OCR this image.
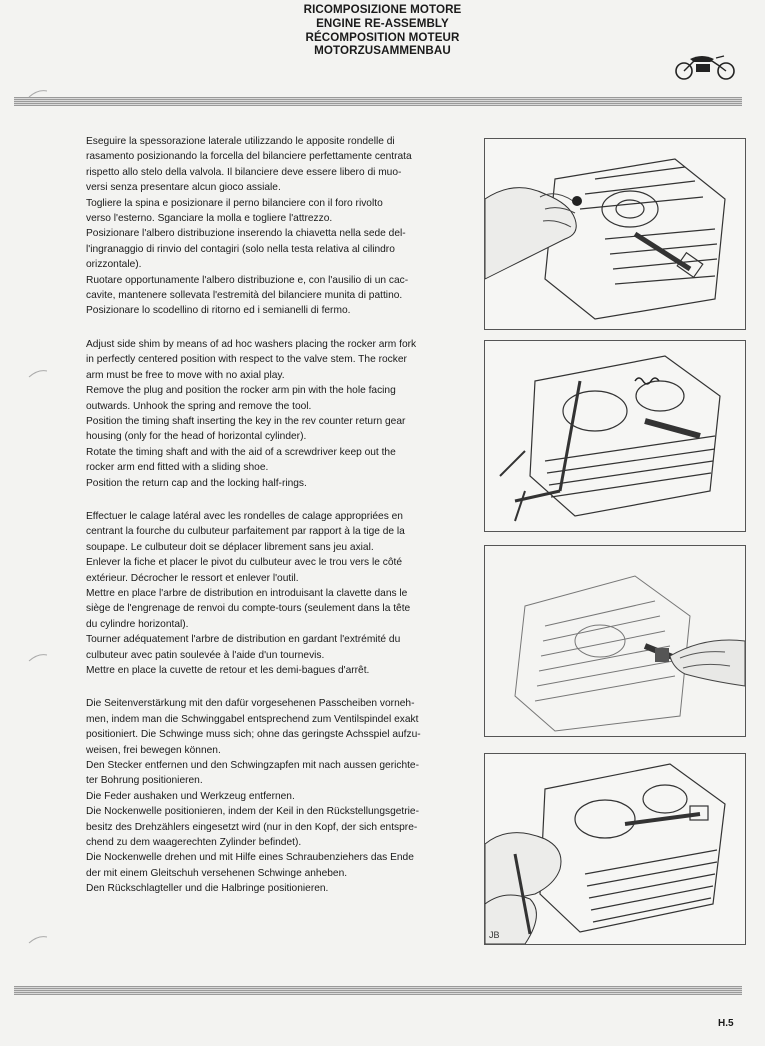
RICOMPOSIZIONE MOTORE
ENGINE RE-ASSEMBLY
RÉCOMPOSITION MOTEUR
MOTORZUSAMMENBAU
Eseguire la spessorazione laterale utilizzando le apposite rondelle di
rasamento posizionando la forcella del bilanciere perfettamente centrata
rispetto allo stelo della valvola. Il bilanciere deve essere libero di muo-
versi senza presentare alcun gioco assiale.
Togliere la spina e posizionare il perno bilanciere con il foro rivolto
verso l'esterno. Sganciare la molla e togliere l'attrezzo.
Posizionare l'albero distribuzione inserendo la chiavetta nella sede del-
l'ingranaggio di rinvio del contagiri (solo nella testa relativa al cilindro
orizzontale).
Ruotare opportunamente l'albero distribuzione e, con l'ausilio di un cac-
cavite, mantenere sollevata l'estremità del bilanciere munita di pattino.
Posizionare lo scodellino di ritorno ed i semianelli di fermo.
Adjust side shim by means of ad hoc washers placing the rocker arm fork
in perfectly centered position with respect to the valve stem. The rocker
arm must be free to move with no axial play.
Remove the plug and position the rocker arm pin with the hole facing
outwards. Unhook the spring and remove the tool.
Position the timing shaft inserting the key in the rev counter return gear
housing (only for the head of horizontal cylinder).
Rotate the timing shaft and with the aid of a screwdriver keep out the
rocker arm end fitted with a sliding shoe.
Position the return cap and the locking half-rings.
Effectuer le calage latéral avec les rondelles de calage appropriées en
centrant la fourche du culbuteur parfaitement par rapport à la tige de la
soupape. Le culbuteur doit se déplacer librement sans jeu axial.
Enlever la fiche et placer le pivot du culbuteur avec le trou vers le côté
extérieur. Décrocher le ressort et enlever l'outil.
Mettre en place l'arbre de distribution en introduisant la clavette dans le
siège de l'engrenage de renvoi du compte-tours (seulement dans la tête
du cylindre horizontal).
Tourner adéquatement l'arbre de distribution en gardant l'extrémité du
culbuteur avec patin soulevée à l'aide d'un tournevis.
Mettre en place la cuvette de retour et les demi-bagues d'arrêt.
Die Seitenverstärkung mit den dafür vorgesehenen Passcheiben vorneh-
men, indem man die Schwinggabel entsprechend zum Ventilspindel exakt
positioniert. Die Schwinge muss sich; ohne das geringste Achsspiel aufzu-
weisen, frei bewegen können.
Den Stecker entfernen und den Schwingzapfen mit nach aussen gerichte-
ter Bohrung positionieren.
Die Feder aushaken und Werkzeug entfernen.
Die Nockenwelle positionieren, indem der Keil in den Rückstellungsgetrie-
besitz des Drehzählers eingesetzt wird (nur in den Kopf, der sich entspre-
chend zu dem waagerechten Zylinder befindet).
Die Nockenwelle drehen und mit Hilfe eines Schraubenziehers das Ende
der mit einem Gleitschuh versehenen Schwinge anheben.
Den Rückschlagteller und die Halbringe positionieren.
JB
H.5
